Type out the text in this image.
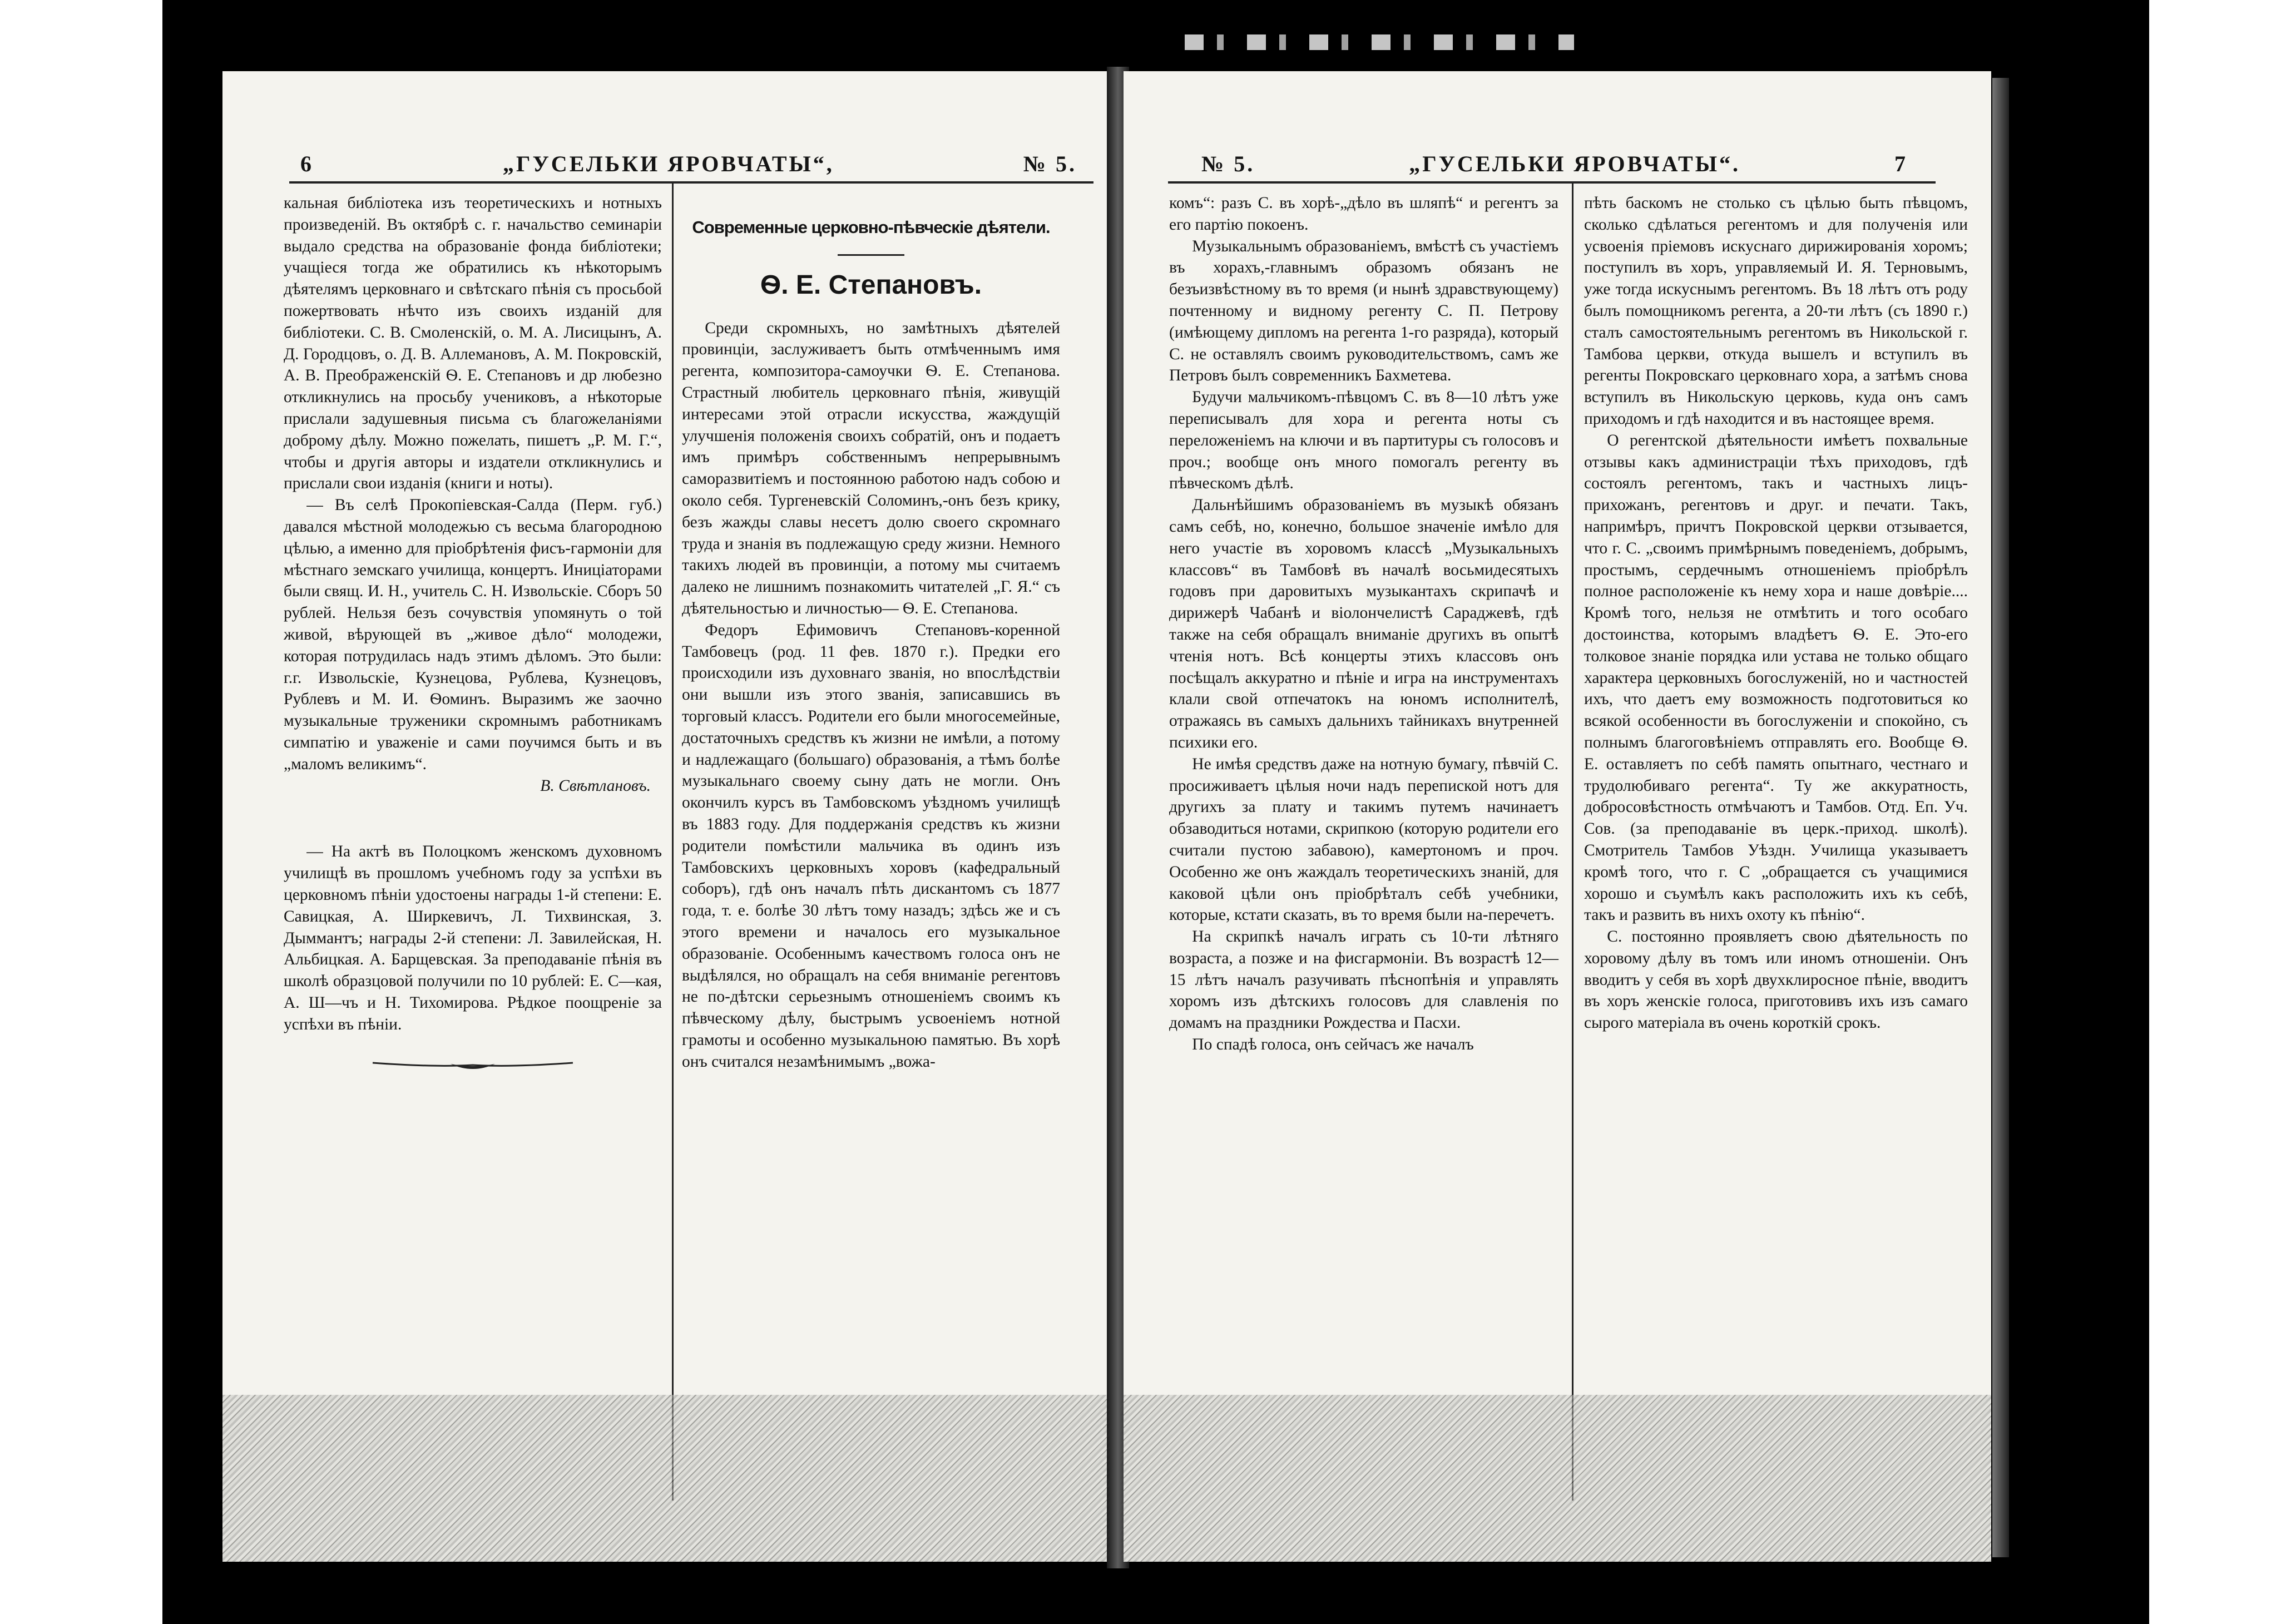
6	„ГУСЕЛЬКИ ЯРОВЧАТЫ“,	№ 5.

кальная библіотека изъ теоретическихъ и нотныхъ произведеній. Въ октябрѣ с. г. начальство семинаріи выдало средства на образованіе фонда библіотеки; учащіеся тогда же обратились къ нѣкоторымъ дѣятелямъ церковнаго и свѣтскаго пѣнія съ просьбой пожертвовать нѣчто изъ своихъ изданій для библіотеки. С. В. Смоленскій, о. М. А. Лисицынъ, А. Д. Городцовъ, о. Д. В. Аллемановъ, А. М. Покровскій, А. В. Преображенскій Ѳ. Е. Степановъ и др любезно откликнулись на просьбу учениковъ, а нѣкоторые прислали задушевныя письма съ благожеланіями доброму дѣлу. Можно пожелать, пишетъ „Р. М. Г.“, чтобы и другія авторы и издатели откликнулись и прислали свои изданія (книги и ноты).

— Въ селѣ Прокопіевская-Салда (Перм. губ.) давался мѣстной молодежью съ весьма благородною цѣлью, а именно для пріобрѣтенія фисъ-гармоніи для мѣстнаго земскаго училища, концертъ. Иниціаторами были свящ. И. Н., учитель С. Н. Извольскіе. Сборъ 50 рублей. Нельзя безъ сочувствія упомянуть о той живой, вѣрующей въ „живое дѣло“ молодежи, которая потрудилась надъ этимъ дѣломъ. Это были: г.г. Извольскіе, Кузнецова, Рублева, Кузнецовъ, Рублевъ и М. И. Ѳоминъ. Выразимъ же заочно музыкальные труженики скромнымъ работникамъ симпатію и уваженіе и сами поучимся быть и въ „маломъ великимъ“.

В. Свѣтлановъ.

— На актѣ въ Полоцкомъ женскомъ духовномъ училищѣ въ прошломъ учебномъ году за успѣхи въ церковномъ пѣніи удостоены награды 1-й степени: Е. Савицкая, А. Ширкевичъ, Л. Тихвинская, З. Дыммантъ; награды 2-й степени: Л. Завилейская, Н. Альбицкая. А. Барщевская. За преподаваніе пѣнія въ школѣ образцовой получили по 10 рублей: Е. С—кая, А. Ш—чъ и Н. Тихомирова. Рѣдкое поощреніе за успѣхи въ пѣніи.

Современные церковно-пѣвческіе дѣятели.
Ѳ. Е. Степановъ.

Среди скромныхъ, но замѣтныхъ дѣятелей провинціи, заслуживаетъ быть отмѣченнымъ имя регента, композитора-самоучки Ѳ. Е. Степанова. Страстный любитель церковнаго пѣнія, живущій интересами этой отрасли искусства, жаждущій улучшенія положенія своихъ собратій, онъ и подаетъ имъ примѣръ собственнымъ непрерывнымъ саморазвитіемъ и постоянною работою надъ собою и около себя. Тургеневскій Соломинъ,-онъ безъ крику, безъ жажды славы несетъ долю своего скромнаго труда и знанія въ подлежащую среду жизни. Немного такихъ людей въ провинціи, а потому мы считаемъ далеко не лишнимъ познакомить читателей „Г. Я.“ съ дѣятельностью и личностью— Ѳ. Е. Степанова.

Федоръ Ефимовичъ Степановъ-коренной Тамбовецъ (род. 11 фев. 1870 г.). Предки его происходили изъ духовнаго званія, но впослѣдствіи они вышли изъ этого званія, записавшись въ торговый классъ. Родители его были многосемейные, достаточныхъ средствъ къ жизни не имѣли, а потому и надлежащаго (большаго) образованія, а тѣмъ болѣе музыкальнаго своему сыну дать не могли. Онъ окончилъ курсъ въ Тамбовскомъ уѣздномъ училищѣ въ 1883 году. Для поддержанія средствъ къ жизни родители помѣстили мальчика въ одинъ изъ Тамбовскихъ церковныхъ хоровъ (кафедральный соборъ), гдѣ онъ началъ пѣть дискантомъ съ 1877 года, т. е. болѣе 30 лѣтъ тому назадъ; здѣсь же и съ этого времени и началось его музыкальное образованіе. Особеннымъ качествомъ голоса онъ не выдѣлялся, но обращалъ на себя вниманіе регентовъ не по-дѣтски серьезнымъ отношеніемъ своимъ къ пѣвческому дѣлу, быстрымъ усвоеніемъ нотной грамоты и особенно музыкальною памятью. Въ хорѣ онъ считался незамѣнимымъ „вожа-

№ 5.	„ГУСЕЛЬКИ ЯРОВЧАТЫ“.	7

комъ“: разъ С. въ хорѣ-„дѣло въ шляпѣ“ и регентъ за его партію покоенъ.

Музыкальнымъ образованіемъ, вмѣстѣ съ участіемъ въ хорахъ,-главнымъ образомъ обязанъ не безъизвѣстному въ то время (и нынѣ здравствующему) почтенному и видному регенту С. П. Петрову (имѣющему дипломъ на регента 1-го разряда), который С. не оставлялъ своимъ руководительствомъ, самъ же Петровъ былъ современникъ Бахметева.

Будучи мальчикомъ-пѣвцомъ С. въ 8—10 лѣтъ уже переписывалъ для хора и регента ноты съ переложеніемъ на ключи и въ партитуры съ голосовъ и проч.; вообще онъ много помогалъ регенту въ пѣвческомъ дѣлѣ.

Дальнѣйшимъ образованіемъ въ музыкѣ обязанъ самъ себѣ, но, конечно, большое значеніе имѣло для него участіе въ хоровомъ классѣ „Музыкальныхъ классовъ“ въ Тамбовѣ въ началѣ восьмидесятыхъ годовъ при даровитыхъ музыкантахъ скрипачѣ и дирижерѣ Чабанѣ и віолончелистѣ Сараджевѣ, гдѣ также на себя обращалъ вниманіе другихъ въ опытѣ чтенія нотъ. Всѣ концерты этихъ классовъ онъ посѣщалъ аккуратно и пѣніе и игра на инструментахъ клали свой отпечатокъ на юномъ исполнителѣ, отражаясь въ самыхъ дальнихъ тайникахъ внутренней психики его.

Не имѣя средствъ даже на нотную бумагу, пѣвчій С. просиживаетъ цѣлыя ночи надъ перепиской нотъ для другихъ за плату и такимъ путемъ начинаетъ обзаводиться нотами, скрипкою (которую родители его считали пустою забавою), камертономъ и проч. Особенно же онъ жаждалъ теоретическихъ знаній, для каковой цѣли онъ пріобрѣталъ себѣ учебники, которые, кстати сказать, въ то время были на-перечетъ.

На скрипкѣ началъ играть съ 10-ти лѣтняго возраста, а позже и на фисгармоніи. Въ возрастѣ 12—15 лѣтъ началъ разучивать пѣснопѣнія и управлять хоромъ изъ дѣтскихъ голосовъ для славленія по домамъ на праздники Рождества и Пасхи.

По спадѣ голоса, онъ сейчасъ же началъ

пѣть баскомъ не столько съ цѣлью быть пѣвцомъ, сколько сдѣлаться регентомъ и для полученія или усвоенія пріемовъ искуснаго дирижированія хоромъ; поступилъ въ хоръ, управляемый И. Я. Терновымъ, уже тогда искуснымъ регентомъ. Въ 18 лѣтъ отъ роду былъ помощникомъ регента, а 20-ти лѣтъ (съ 1890 г.) сталъ самостоятельнымъ регентомъ въ Никольской г. Тамбова церкви, откуда вышелъ и вступилъ въ регенты Покровскаго церковнаго хора, а затѣмъ снова вступилъ въ Никольскую церковь, куда онъ самъ приходомъ и гдѣ находится и въ настоящее время.

О регентской дѣятельности имѣетъ похвальные отзывы какъ администраціи тѣхъ приходовъ, гдѣ состоялъ регентомъ, такъ и частныхъ лицъ-прихожанъ, регентовъ и друг. и печати. Такъ, напримѣръ, причтъ Покровской церкви отзывается, что г. С. „своимъ примѣрнымъ поведеніемъ, добрымъ, простымъ, сердечнымъ отношеніемъ пріобрѣлъ полное расположеніе къ нему хора и наше довѣріе.... Кромѣ того, нельзя не отмѣтить и того особаго достоинства, которымъ владѣетъ Ѳ. Е. Это-его толковое знаніе порядка или устава не только общаго характера церковныхъ богослуженій, но и частностей ихъ, что даетъ ему возможность подготовиться ко всякой особенности въ богослуженіи и спокойно, съ полнымъ благоговѣніемъ отправлять его. Вообще Ѳ. Е. оставляетъ по себѣ память опытнаго, честнаго и трудолюбиваго регента“. Ту же аккуратность, добросовѣстность отмѣчаютъ и Тамбов. Отд. Еп. Уч. Сов. (за преподаваніе въ церк.-приход. школѣ). Смотритель Тамбов Уѣздн. Училища указываетъ кромѣ того, что г. С „обращается съ учащимися хорошо и съумѣлъ какъ расположить ихъ къ себѣ, такъ и развить въ нихъ охоту къ пѣнію“.

С. постоянно проявляетъ свою дѣятельность по хоровому дѣлу въ томъ или иномъ отношеніи. Онъ вводитъ у себя въ хорѣ двухклиросное пѣніе, вводитъ въ хоръ женскіе голоса, приготовивъ ихъ изъ самаго сырого матеріала въ очень короткій срокъ.
